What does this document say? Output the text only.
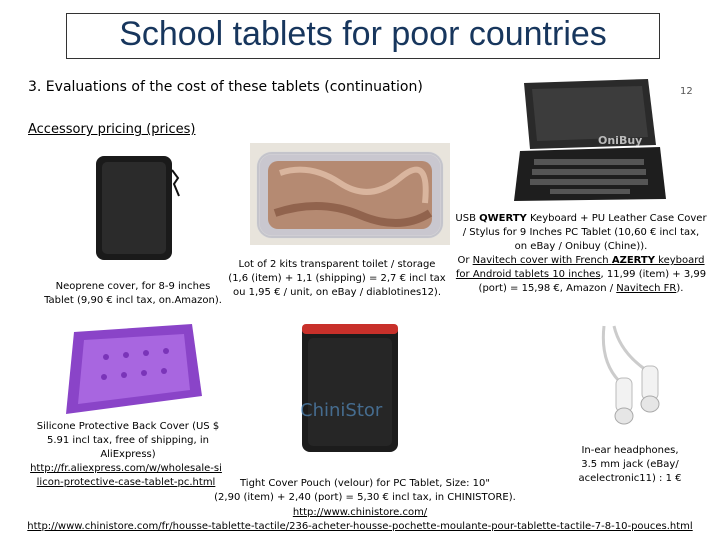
School tablets for poor countries
3. Evaluations of the cost of these tablets (continuation)	12
Accessory pricing (prices)
Neoprene cover, for 8-9 inches Tablet (9,90 € incl tax, on.Amazon).
Lot of 2 kits transparent toilet / storage (1,6 (item) + 1,1 (shipping) = 2,7 € incl tax ou 1,95 € / unit, on eBay / diablotines12).
OniBuy
USB QWERTY Keyboard + PU Leather Case Cover / Stylus for 9 Inches PC Tablet (10,60 € incl tax, on eBay / Onibuy (Chine)).
Or Navitech cover with French AZERTY keyboard for Android tablets 10 inches, 11,99 (item) + 3,99 (port) = 15,98 €, Amazon / Navitech FR).
Silicone Protective Back Cover (US $ 5.91 incl tax, free of shipping, in AliExpress)
http://fr.aliexpress.com/w/wholesale-silicon-protective-case-tablet-pc.html
ChiniStor
Tight Cover Pouch (velour) for PC Tablet, Size: 10"
(2,90 (item) + 2,40 (port) = 5,30 € incl tax, in CHINISTORE).
http://www.chinistore.com/
http://www.chinistore.com/fr/housse-tablette-tactile/236-acheter-housse-pochette-moulante-pour-tablette-tactile-7-8-10-pouces.html
In-ear headphones, 3.5 mm jack (eBay/ acelectronic11) : 1 €
